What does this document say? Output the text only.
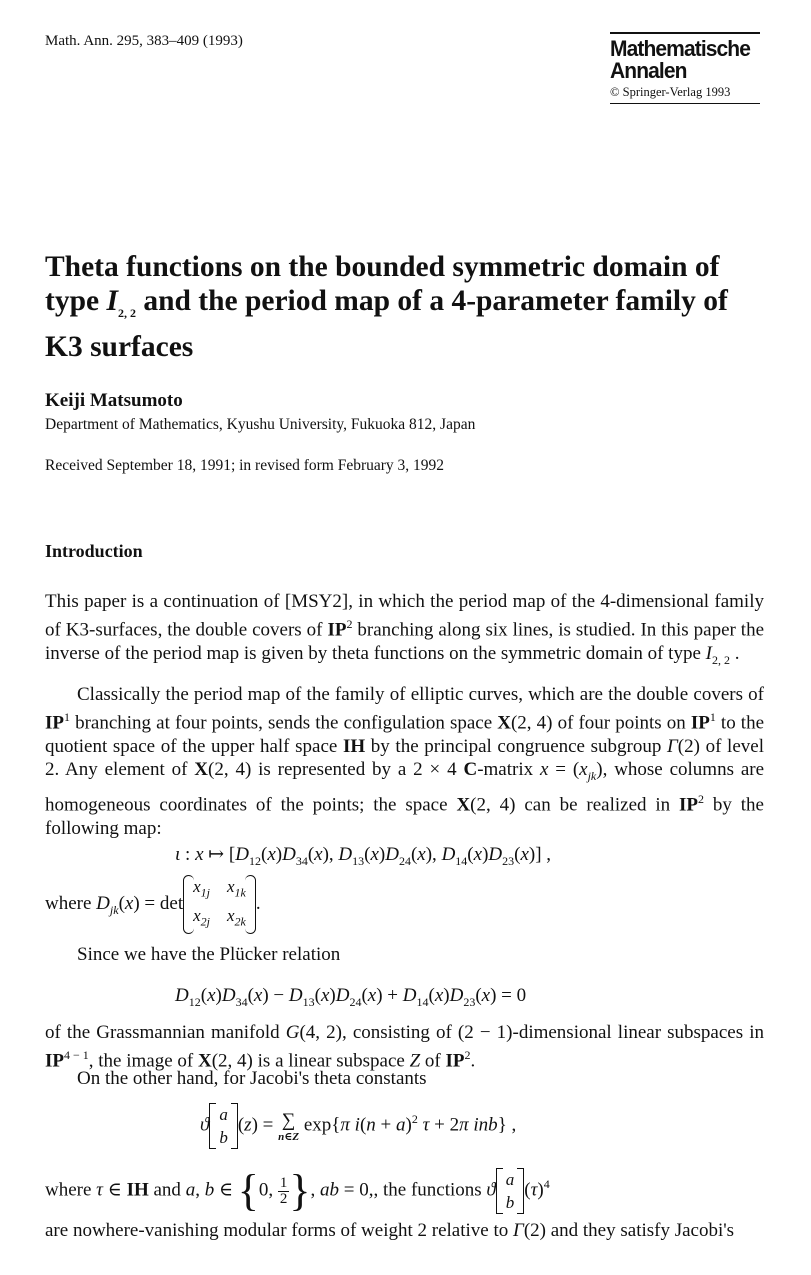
Math. Ann. 295, 383–409 (1993)	Mathematische
Annalen
© Springer-Verlag 1993
Theta functions on the bounded symmetric domain of type $I_{2, 2}$ and the period map of a 4-parameter family of K3 surfaces
Keiji Matsumoto
Department of Mathematics, Kyushu University, Fukuoka 812, Japan
Received September 18, 1991; in revised form February 3, 1992
Introduction
This paper is a continuation of [MSY2], in which the period map of the 4-dimensional family of K3-surfaces, the double covers of $IP^2$ branching along six lines, is studied. In this paper the inverse of the period map is given by theta functions on the symmetric domain of type $I_{2, 2}$ .
Classically the period map of the family of elliptic curves, which are the double covers of $IP^1$ branching at four points, sends the configulation space X(2, 4) of four points on $IP^1$ to the quotient space of the upper half space IH by the principal congruence subgroup Γ(2) of level 2. Any element of X(2, 4) is represented by a 2 × 4 C-matrix $x = (x_{jk})$, whose columns are homogeneous coordinates of the points; the space X(2, 4) can be realized in $IP^2$ by the following map:
ι : x ↦ [$D_{12}(x)D_{34}(x)$, $D_{13}(x)D_{24}(x)$, $D_{14}(x)D_{23}(x)$] ,
where $D_{jk}(x) = \det$
$x_{1j}$    $x_{1k}$
$x_{2j}$    $x_{2k}$
.
Since we have the Plücker relation
$D_{12}(x)D_{34}(x) - D_{13}(x)D_{24}(x) + D_{14}(x)D_{23}(x) = 0$
of the Grassmannian manifold G(4, 2), consisting of (2 − 1)-dimensional linear subspaces in $IP^{4 - 1}$, the image of X(2, 4) is a linear subspace Z of $IP^2$.
On the other hand, for Jacobi's theta constants
ϑ a
b
(z) = ∑
n∈Z
exp{π $i(n + a)^2$ τ + 2π inb} ,
where τ ∈ IH and a, b ∈ {0, $\frac{1}{2}$ }, ab = 0,, the functions ϑ a
b
$(\tau)^4$
are nowhere-vanishing modular forms of weight 2 relative to Γ(2) and they satisfy Jacobi's
